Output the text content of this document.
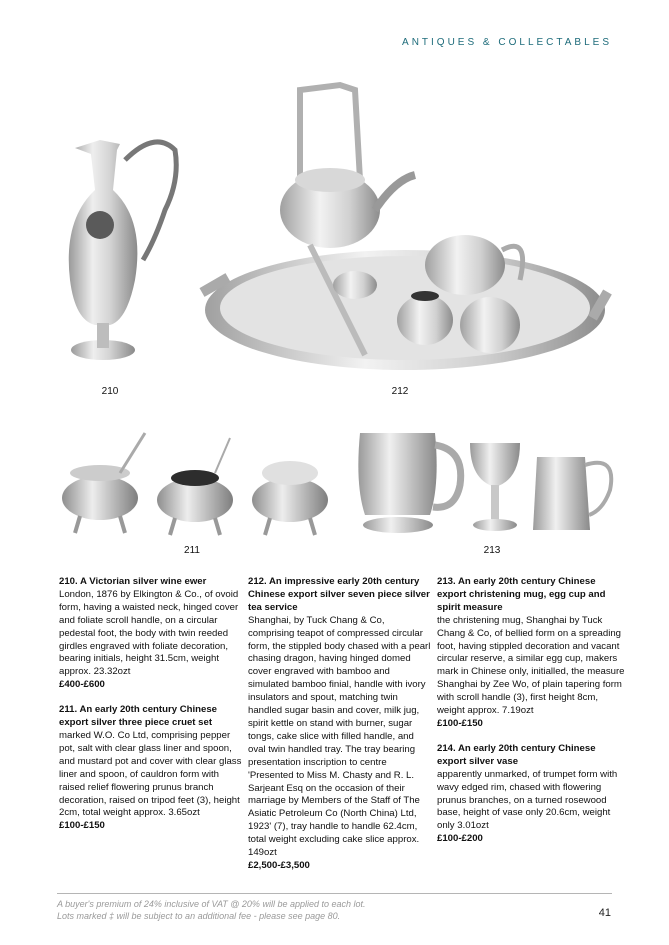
ANTIQUES & COLLECTABLES
210	212
211	213

210. A Victorian silver wine ewer
London, 1876 by Elkington & Co., of ovoid form, having a waisted neck, hinged cover and foliate scroll handle, on a circular pedestal foot, the body with twin reeded girdles engraved with foliate decoration, bearing initials, height 31.5cm, weight approx. 23.32ozt
£400-£600

211. An early 20th century Chinese export silver three piece cruet set
marked W.O. Co Ltd, comprising pepper pot, salt with clear glass liner and spoon, and mustard pot and cover with clear glass liner and spoon, of cauldron form with raised relief flowering prunus branch decoration, raised on tripod feet (3), height 2cm, total weight approx. 3.65ozt
£100-£150

212. An impressive early 20th century Chinese export silver seven piece silver tea service
Shanghai, by Tuck Chang & Co, comprising teapot of compressed circular form, the stippled body chased with a pearl chasing dragon, having hinged domed cover engraved with bamboo and simulated bamboo finial, handle with ivory insulators and spout, matching twin handled sugar basin and cover, milk jug, spirit kettle on stand with burner, sugar tongs, cake slice with filled handle, and oval twin handled tray. The tray bearing presentation inscription to centre 'Presented to Miss M. Chasty and R. L. Sarjeant Esq on the occasion of their marriage by Members of the Staff of The Asiatic Petroleum Co (North China) Ltd, 1923' (7), tray handle to handle 62.4cm, total weight excluding cake slice approx. 149ozt
£2,500-£3,500

213. An early 20th century Chinese export christening mug, egg cup and spirit measure
the christening mug, Shanghai by Tuck Chang & Co, of bellied form on a spreading foot, having stippled decoration and vacant circular reserve, a similar egg cup, makers mark in Chinese only, initialled, the measure Shanghai by Zee Wo, of plain tapering form with scroll handle (3), first height 8cm, weight approx. 7.19ozt
£100-£150

214. An early 20th century Chinese export silver vase
apparently unmarked, of trumpet form with wavy edged rim, chased with flowering prunus branches, on a turned rosewood base, height of vase only 20.6cm, weight only 3.01ozt
£100-£200

A buyer's premium of 24% inclusive of VAT @ 20% will be applied to each lot.
Lots marked ‡ will be subject to an additional fee - please see page 80.	41
